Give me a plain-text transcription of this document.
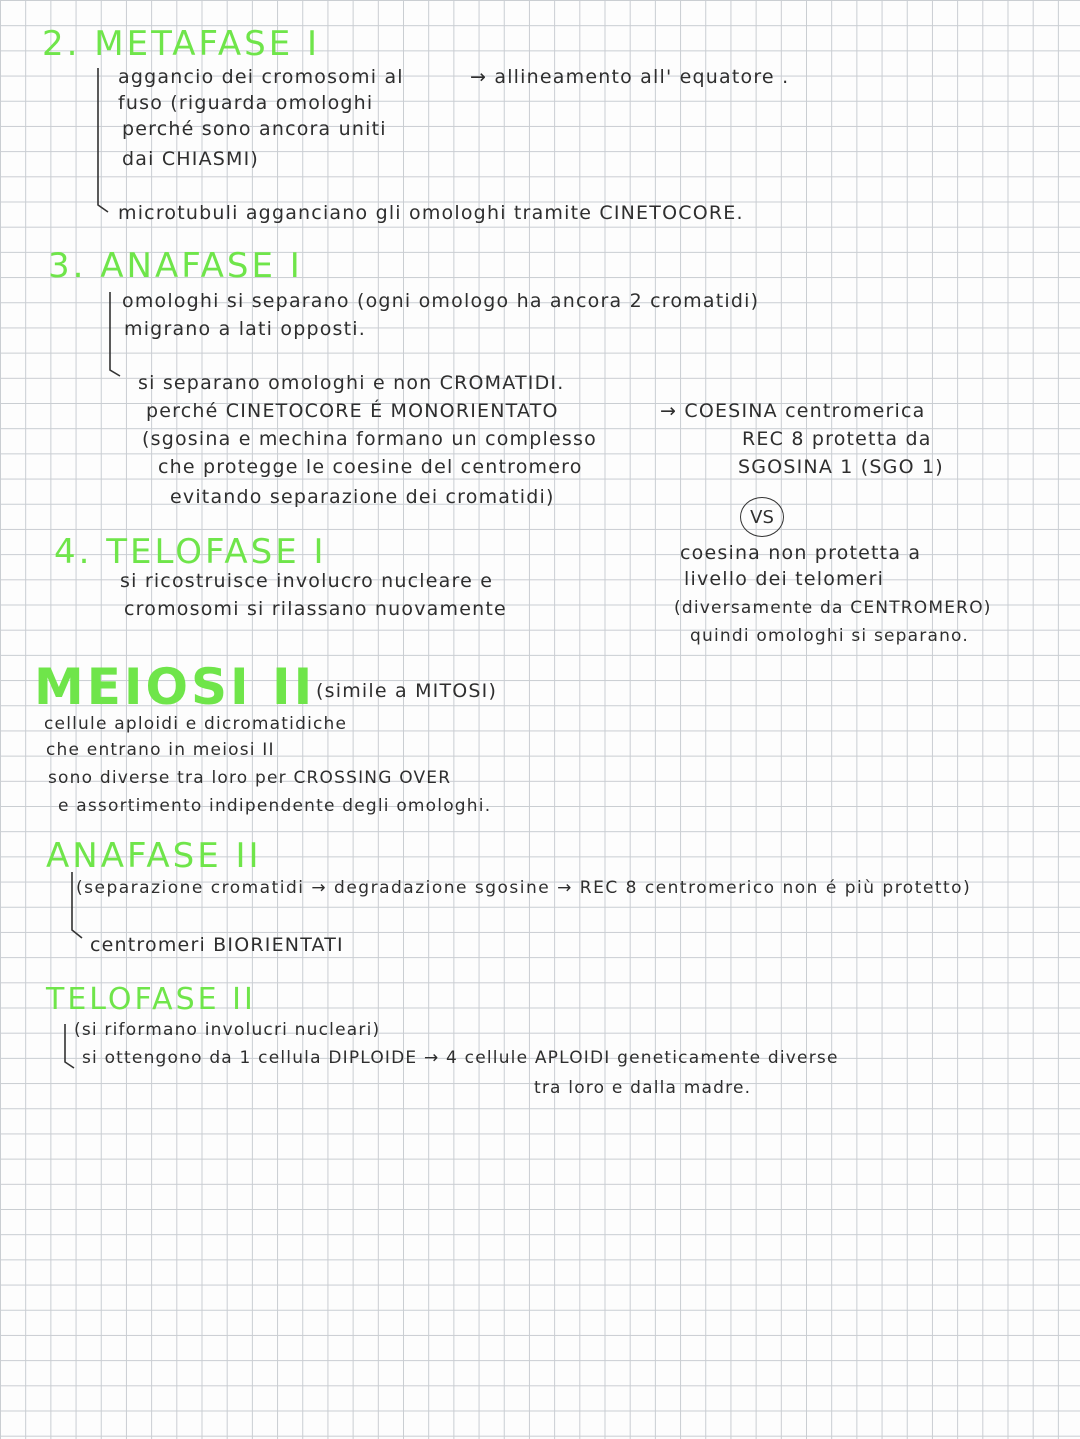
2. METAFASE I
aggancio dei cromosomi al
fuso (riguarda omologhi
perché sono ancora uniti
dai CHIASMI)
→ allineamento all' equatore .
microtubuli agganciano gli omologhi tramite CINETOCORE.
3. ANAFASE I
omologhi si separano (ogni omologo ha ancora 2 cromatidi)
migrano a lati opposti.
si separano omologhi e non CROMATIDI.
perché CINETOCORE É MONORIENTATO
(sgosina e mechina formano un complesso
che protegge le coesine del centromero
evitando separazione dei cromatidi)
→ COESINA centromerica
REC 8 protetta da
SGOSINA 1 (SGO 1)
VS
coesina non protetta a
livello dei telomeri
(diversamente da CENTROMERO)
quindi omologhi si separano.
4. TELOFASE I
si ricostruisce involucro nucleare e
cromosomi si rilassano nuovamente
MEIOSI II (simile a MITOSI)
cellule aploidi e dicromatidiche
che entrano in meiosi II
sono diverse tra loro per CROSSING OVER
e assortimento indipendente degli omologhi.
ANAFASE II
(separazione cromatidi → degradazione sgosine → REC 8 centromerico non é più protetto)
centromeri BIORIENTATI
TELOFASE II
(si riformano involucri nucleari)
si ottengono da 1 cellula DIPLOIDE → 4 cellule APLOIDI geneticamente diverse
tra loro e dalla madre.
